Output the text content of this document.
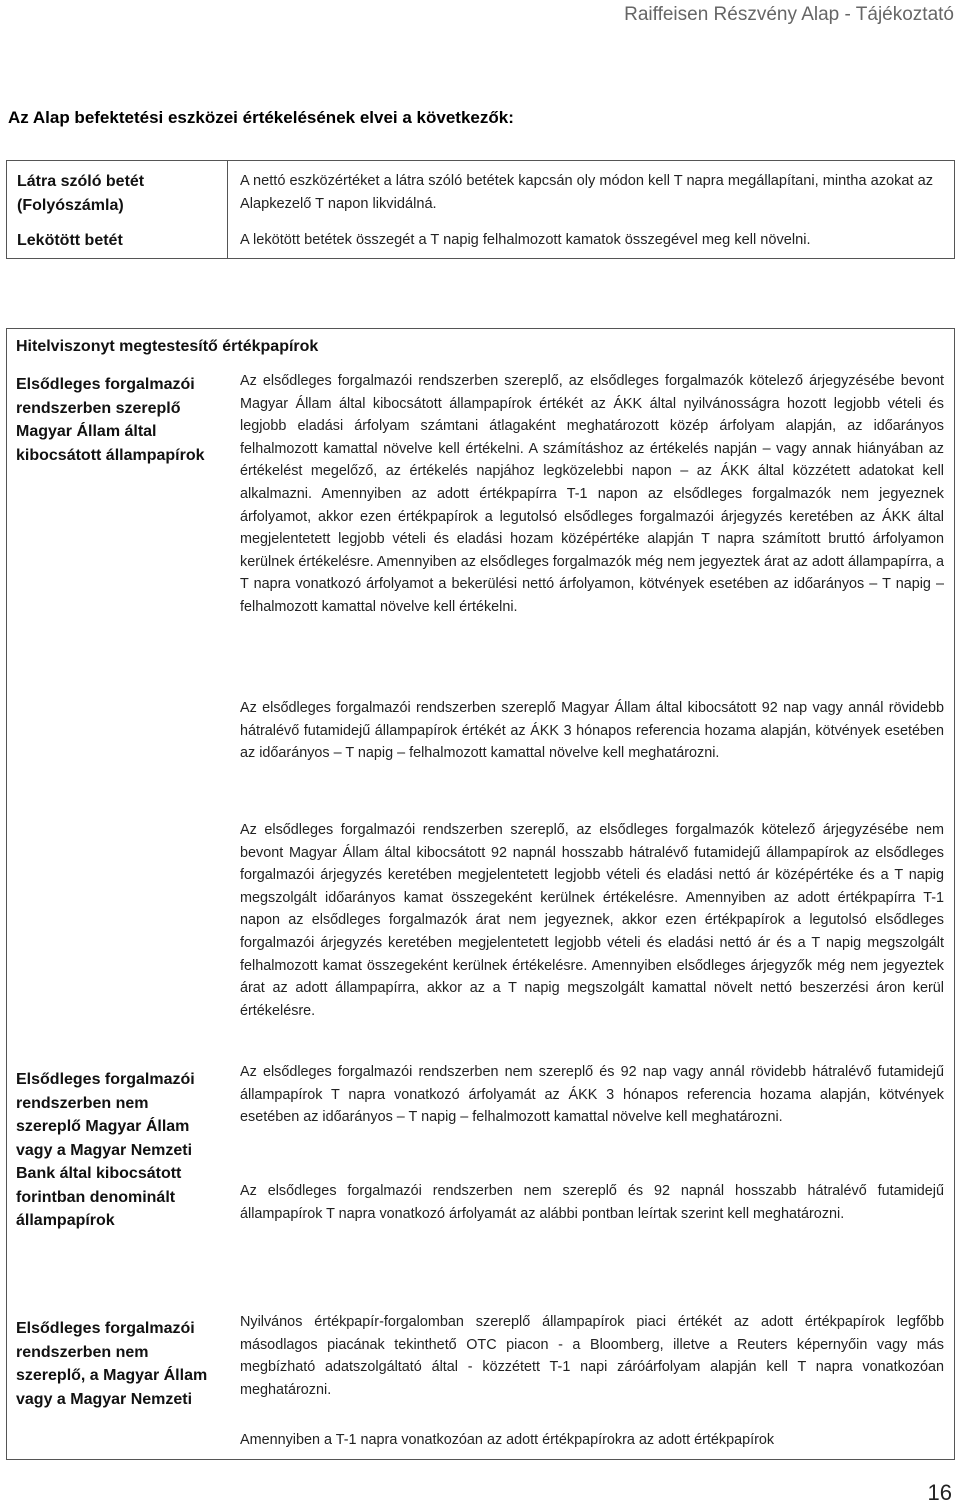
Raiffeisen Részvény Alap - Tájékoztató
Az Alap befektetési eszközei értékelésének elvei a következők:
Látra szóló betét (Folyószámla)
A nettó eszközértéket a látra szóló betétek kapcsán oly módon kell T napra megállapítani, mintha azokat az Alapkezelő T napon likvidálná.
Lekötött betét	A lekötött betétek összegét a T napig felhalmozott kamatok összegével meg kell növelni.
Hitelviszonyt megtestesítő értékpapírok
Elsődleges forgalmazói rendszerben szereplő Magyar Állam által kibocsátott állampapírok
Az elsődleges forgalmazói rendszerben szereplő, az elsődleges forgalmazók kötelező árjegyzésébe bevont Magyar Állam által kibocsátott állampapírok értékét az ÁKK által nyilvánosságra hozott legjobb vételi és legjobb eladási árfolyam számtani átlagaként meghatározott közép árfolyam alapján, az időarányos felhalmozott kamattal növelve kell értékelni. A számításhoz az értékelés napján – vagy annak hiányában az értékelést megelőző, az értékelés napjához legközelebbi napon – az ÁKK által közzétett adatokat kell alkalmazni. Amennyiben az adott értékpapírra T-1 napon az elsődleges forgalmazók nem jegyeznek árfolyamot, akkor ezen értékpapírok a legutolsó elsődleges forgalmazói árjegyzés keretében az ÁKK által megjelentetett legjobb vételi és eladási hozam középértéke alapján T napra számított bruttó árfolyamon kerülnek értékelésre. Amennyiben az elsődleges forgalmazók még nem jegyeztek árat az adott állampapírra, a T napra vonatkozó árfolyamot a bekerülési nettó árfolyamon, kötvények esetében az időarányos – T napig – felhalmozott kamattal növelve kell értékelni.
Az elsődleges forgalmazói rendszerben szereplő Magyar Állam által kibocsátott 92 nap vagy annál rövidebb hátralévő futamidejű állampapírok értékét az ÁKK 3 hónapos referencia hozama alapján, kötvények esetében az időarányos – T napig – felhalmozott kamattal növelve kell meghatározni.
Az elsődleges forgalmazói rendszerben szereplő, az elsődleges forgalmazók kötelező árjegyzésébe nem bevont Magyar Állam által kibocsátott 92 napnál hosszabb hátralévő futamidejű állampapírok az elsődleges forgalmazói árjegyzés keretében megjelentetett legjobb vételi és eladási nettó ár középértéke és a T napig megszolgált időarányos kamat összegeként kerülnek értékelésre. Amennyiben az adott értékpapírra T-1 napon az elsődleges forgalmazók árat nem jegyeznek, akkor ezen értékpapírok a legutolsó elsődleges forgalmazói árjegyzés keretében megjelentetett legjobb vételi és eladási nettó ár és a T napig megszolgált felhalmozott kamat összegeként kerülnek értékelésre. Amennyiben elsődleges árjegyzők még nem jegyeztek árat az adott állampapírra, akkor az a T napig megszolgált kamattal növelt nettó beszerzési áron kerül értékelésre.
Elsődleges forgalmazói rendszerben nem szereplő Magyar Állam vagy a Magyar Nemzeti Bank által kibocsátott forintban denominált állampapírok
Az elsődleges forgalmazói rendszerben nem szereplő és 92 nap vagy annál rövidebb hátralévő futamidejű állampapírok T napra vonatkozó árfolyamát az ÁKK 3 hónapos referencia hozama alapján, kötvények esetében az időarányos – T napig – felhalmozott kamattal növelve kell meghatározni.
Az elsődleges forgalmazói rendszerben nem szereplő és 92 napnál hosszabb hátralévő futamidejű állampapírok T napra vonatkozó árfolyamát az alábbi pontban leírtak szerint kell meghatározni.
Elsődleges forgalmazói rendszerben nem szereplő, a Magyar Állam vagy a Magyar Nemzeti
Nyilvános értékpapír-forgalomban szereplő állampapírok piaci értékét az adott értékpapírok legfőbb másodlagos piacának tekinthető OTC piacon - a Bloomberg, illetve a Reuters képernyőin vagy más megbízható adatszolgáltató által - közzétett T-1 napi záróárfolyam alapján kell T napra vonatkozóan meghatározni.
Amennyiben a T-1 napra vonatkozóan az adott értékpapírokra az adott értékpapírok
16
